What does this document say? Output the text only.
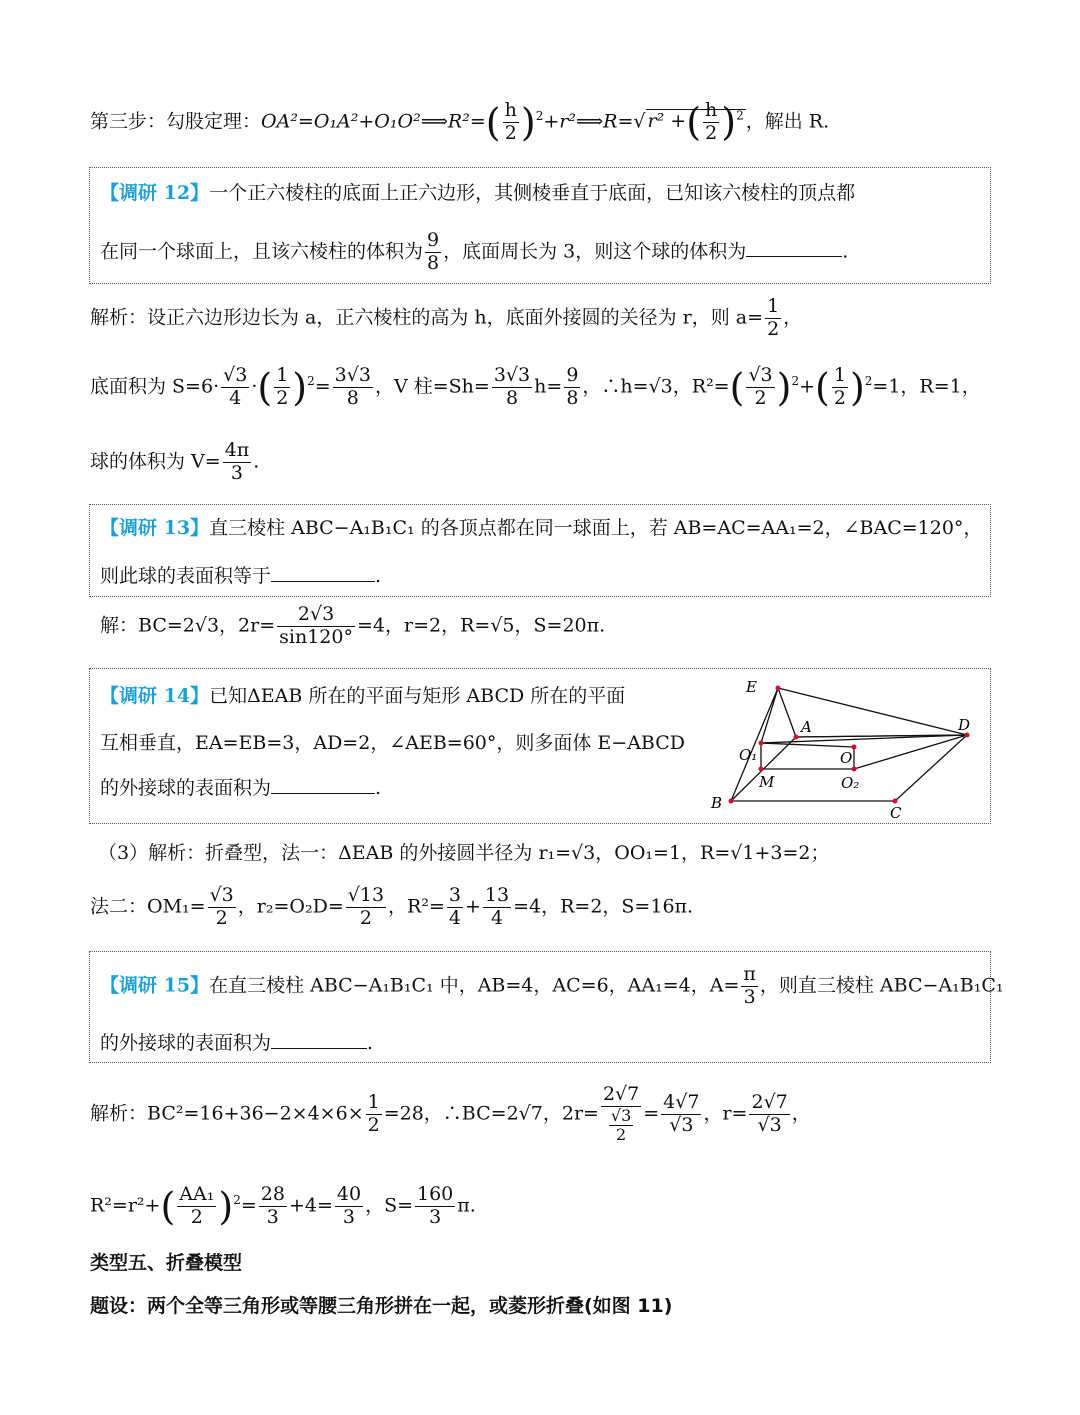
第三步：勾股定理：OA²=O₁A²+O₁O²⟹R²=( $\frac{h}{2}$ )$^2$+r²⟹R=√ r² +( $\frac{h}{2} )^2$ ，解出 R.
【调研 12】一个正六棱柱的底面上正六边形，其侧棱垂直于底面，已知该六棱柱的顶点都
在同一个球面上，且该六棱柱的体积为 $\frac{9}{8}$ ，底面周长为 3，则这个球的体积为	.
解析：设正六边形边长为 a，正六棱柱的高为 h，底面外接圆的关径为 r，则 $a= \frac{1}{2}$ ，
底面积为 $S=6\cdot \frac{√3}{4}$ ·( $\frac{1}{2} )^2= \frac{3√3}{8}$ ，V 柱$=Sh= \frac{3√3}{8} h= \frac{9}{8}$ ，∴h=√3，$R^2=( \frac{√3}{2} )^2+( \frac{1}{2} )^2=1$，R=1，
球的体积为 $V= \frac{4\pi}{3}$ .
【调研 13】直三棱柱 ABC−A₁B₁C₁ 的各顶点都在同一球面上，若 AB=AC=AA₁=2，∠BAC=120°，
则此球的表面积等于	.
解：BC=2√3，$2r= \frac{2√3}{\sin 120^\circ} =4$，r=2，R=√5，S=20π.
【调研 14】已知ΔEAB 所在的平面与矩形 ABCD 所在的平面
互相垂直，EA=EB=3，AD=2，∠AEB=60°，则多面体 E−ABCD
的外接球的表面积为	.
E
A	D
O₁	O
M	O₂
B
C
（3）解析：折叠型，法一：ΔEAB 的外接圆半径为 r₁=√3，OO₁=1，R=√1+3=2；
法二：$OM_1= \frac{√3}{2}$ ，$r_2=O_2D= \frac{√13}{2}$ ，$R^2= \frac{3}{4} + \frac{13}{4} =4$，R=2，S=16π.
【调研 15】在直三棱柱 ABC−A₁B₁C₁ 中，AB=4，AC=6，AA₁=4，$A= \frac{\pi}{3}$ ，则直三棱柱 ABC−A₁B₁C₁
的外接球的表面积为	.
解析：$BC^2=16+36-2\times 4\times 6\times \frac{1}{2} =28$，∴BC=2√7，$2r= \frac{2√7}{\frac{√3}{2}} = \frac{4√7}{√3}$ ，$r= \frac{2√7}{√3}$ ，
$R^2=r^2+( \frac{\text{AA₁}}{2} )^2= \frac{28}{3} +4= \frac{40}{3}$ ，$S= \frac{160}{3} \pi$.
类型五、折叠模型
题设：两个全等三角形或等腰三角形拼在一起，或菱形折叠(如图 11)
